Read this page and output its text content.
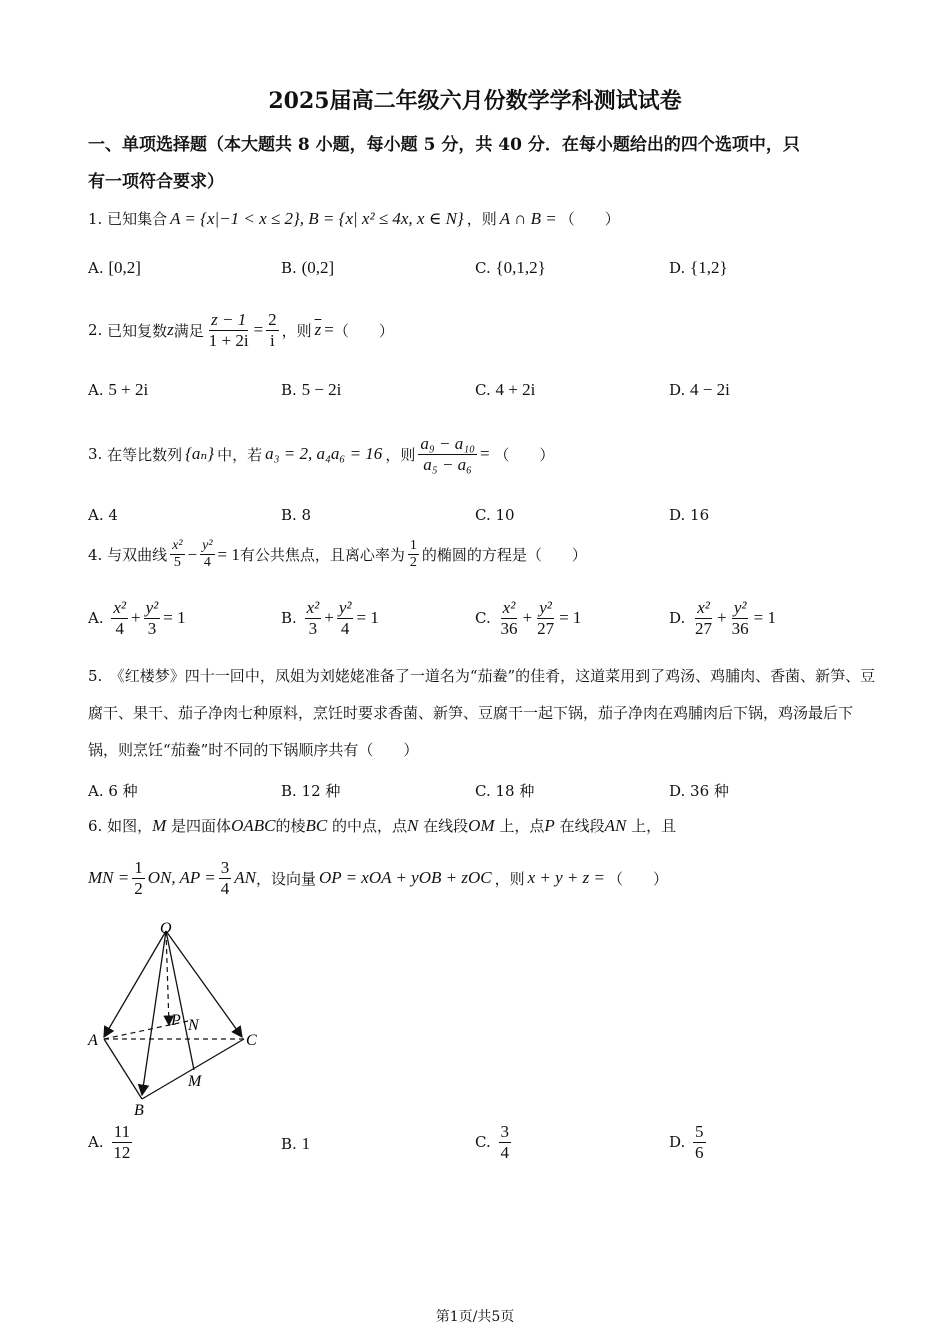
2025届高二年级六月份数学学科测试试卷
一、单项选择题（本大题共 8 小题，每小题 5 分，共 40 分．在每小题给出的四个选项中，只
有一项符合要求）
1.
已知集合 A = {x|−1 < x ≤ 2}, B = {x| x² ≤ 4x, x ∈ N} ，则 A ∩ B = （　　）
A.
[0,2]	B.
(0,2]	C.
{0,1,2}	D.
{1,2}
2.
已知复数 z 满足 $\frac{z - 1}{1 + 2i} = \frac{2}{i}$ ，则 $\overline{z}$ = （　　）
A.
5 + 2i	B.
5 − 2i	C.
4 + 2i	D.
4 − 2i
3.
在等比数列 {aₙ} 中，若 a₃ = 2, a₄a₆ = 16 ，则 $\frac{\text{a₉ − a₁₀}}{\text{a₅ − a₆}}$ =
（　　）
A. 4	B. 8	C. 10	D. 16
4.
与双曲线 $\frac{\text{x²}}{5} - \frac{\text{y²}}{4} = 1$ 有公共焦点，且离心率为 $\frac{1}{2}$ 的椭圆的方程是（　　）
A.
$\frac{\text{x²}}{4} + \frac{\text{y²}}{3} = 1$	B.
$\frac{\text{x²}}{3} + \frac{\text{y²}}{4} = 1$	C.
$\frac{\text{x²}}{36} + \frac{\text{y²}}{27} = 1$	D.
$\frac{\text{x²}}{27} + \frac{\text{y²}}{36} = 1$
5.　《红楼梦》四十一回中，凤姐为刘姥姥准备了一道名为“茄鲞”的佳肴，这道菜用到了鸡汤、鸡脯肉、香菌、新笋、豆腐干、果干、茄子净肉七种原料，烹饪时要求香菌、新笋、豆腐干一起下锅，茄子净肉在鸡脯肉后下锅，鸡汤最后下锅，则烹饪“茄鲞”时不同的下锅顺序共有（　　）
A. 6 种	B. 12 种	C. 18 种	D. 36 种
6. 如图， M
是四面体 OABC 的棱 BC
的中点，点 N
在线段 OM
上，点 P
在线段 AN
上，且
MN = $\frac{1}{2}$ ON, AP = $\frac{3}{4}$ AN ，设向量 OP = xOA + yOB + zOC ，则 x + y + z = （　　）
O
A
B
C
M
N
P
A.
$\frac{11}{12}$	B.
1	C.
$\frac{3}{4}$	D.
$\frac{5}{6}$
第1页/共5页
